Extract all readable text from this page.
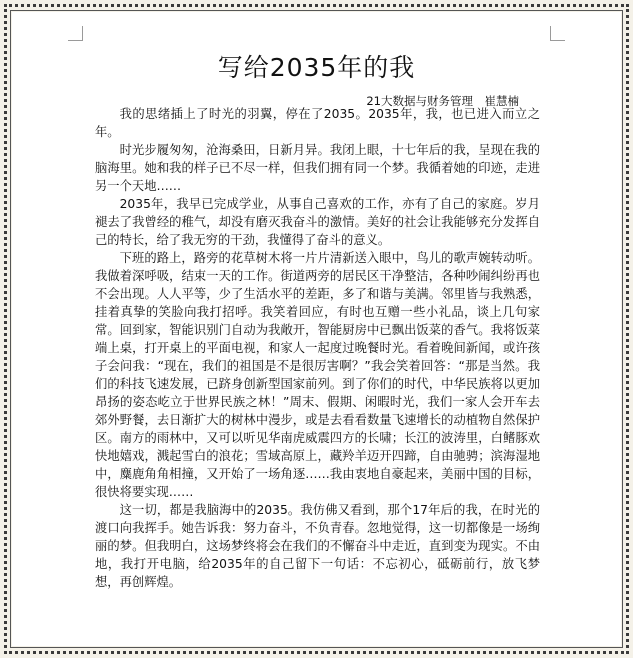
写给2035年的我
21大数据与财务管理　崔慧楠

我的思绪插上了时光的羽翼，停在了2035。2035年，我，也已进入而立之年。

时光步履匆匆，沧海桑田，日新月异。我闭上眼，十七年后的我，呈现在我的脑海里。她和我的样子已不尽一样，但我们拥有同一个梦。我循着她的印迹，走进另一个天地……

2035年，我早已完成学业，从事自己喜欢的工作，亦有了自己的家庭。岁月褪去了我曾经的稚气，却没有磨灭我奋斗的激情。美好的社会让我能够充分发挥自己的特长，给了我无穷的干劲，我懂得了奋斗的意义。

下班的路上，路旁的花草树木将一片片清新送入眼中，鸟儿的歌声婉转动听。我做着深呼吸，结束一天的工作。街道两旁的居民区干净整洁，各种吵闹纠纷再也不会出现。人人平等，少了生活水平的差距，多了和谐与美满。邻里皆与我熟悉，挂着真挚的笑脸向我打招呼。我笑着回应，有时也互赠一些小礼品，谈上几句家常。回到家，智能识别门自动为我敞开，智能厨房中已飘出饭菜的香气。我将饭菜端上桌，打开桌上的平面电视，和家人一起度过晚餐时光。看着晚间新闻，或许孩子会问我：“现在，我们的祖国是不是很厉害啊？”我会笑着回答：“那是当然。我们的科技飞速发展，已跻身创新型国家前列。到了你们的时代，中华民族将以更加昂扬的姿态屹立于世界民族之林！”周末、假期、闲暇时光，我们一家人会开车去郊外野餐，去日渐扩大的树林中漫步，或是去看看数量飞速增长的动植物自然保护区。南方的雨林中，又可以听见华南虎威震四方的长啸；长江的波涛里，白鳍豚欢快地嬉戏，溅起雪白的浪花；雪域高原上，藏羚羊迈开四蹄，自由驰骋；滨海湿地中，麋鹿角角相撞，又开始了一场角逐……我由衷地自豪起来，美丽中国的目标，很快将要实现……

这一切，都是我脑海中的2035。我仿佛又看到，那个17年后的我，在时光的渡口向我挥手。她告诉我：努力奋斗，不负青春。忽地觉得，这一切都像是一场绚丽的梦。但我明白，这场梦终将会在我们的不懈奋斗中走近，直到变为现实。不由地，我打开电脑，给2035年的自己留下一句话：不忘初心，砥砺前行，放飞梦想，再创辉煌。
